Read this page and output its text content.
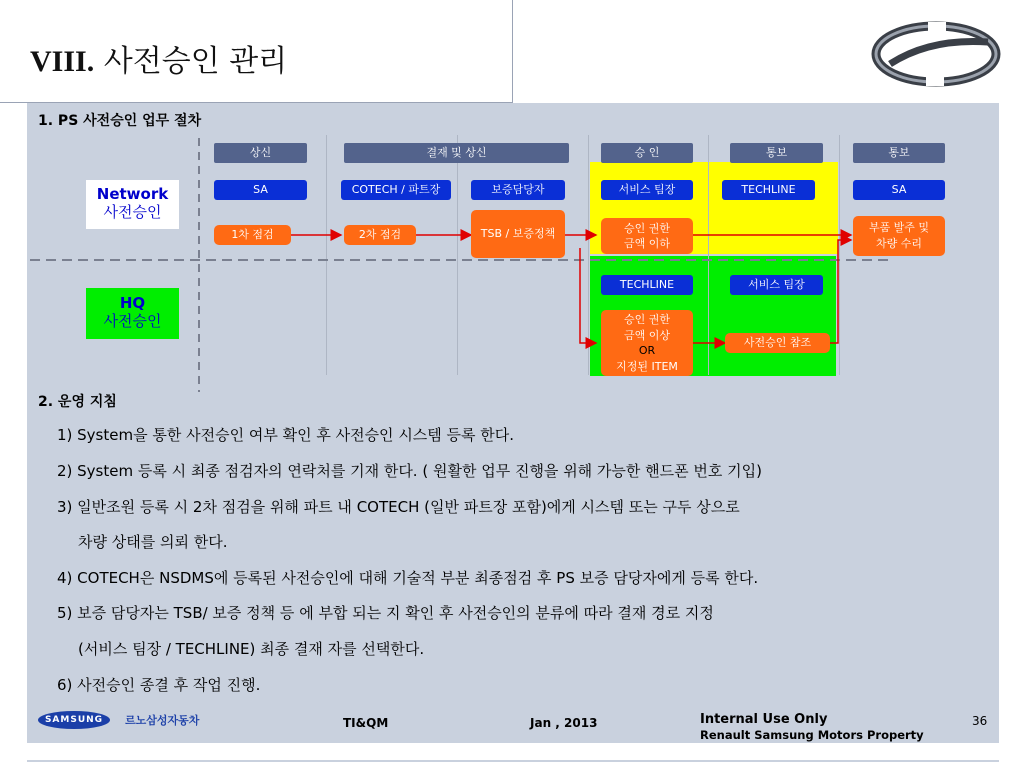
VIII. 사전승인 관리
1. PS 사전승인 업무 절차
상신	결재 및 상신	승 인	통보	통보
SA	COTECH / 파트장	보증담당자	서비스 팀장	TECHLINE	SA
TECHLINE	서비스 팀장
Network
사전승인
HQ
사전승인
1차 점검	2차 점검	TSB / 보증정책	승인 권한
금액 이하
부품 발주 및
차량 수리
승인 권한
금액 이상
OR
지정된 ITEM
사전승인 참조
2. 운영 지침
1) System을 통한 사전승인 여부 확인 후 사전승인 시스템 등록 한다.
2) System 등록 시 최종 점검자의 연락처를 기재 한다. ( 원활한 업무 진행을 위해 가능한 핸드폰 번호 기입)
3) 일반조원 등록 시 2차 점검을 위해 파트 내 COTECH (일반 파트장 포함)에게 시스템 또는 구두 상으로
차량 상태를 의뢰 한다.
4) COTECH은 NSDMS에 등록된 사전승인에 대해 기술적 부분 최종점검 후 PS 보증 담당자에게 등록 한다.
5) 보증 담당자는 TSB/ 보증 정책 등 에 부합 되는 지 확인 후 사전승인의 분류에 따라 결재 경로 지정
(서비스 팀장 / TECHLINE) 최종 결재 자를 선택한다.
6) 사전승인 종결 후 작업 진행.
SAMSUNG	르노삼성자동차	TI&QM	Jan , 2013	Internal Use Only
Renault Samsung Motors Property
36
